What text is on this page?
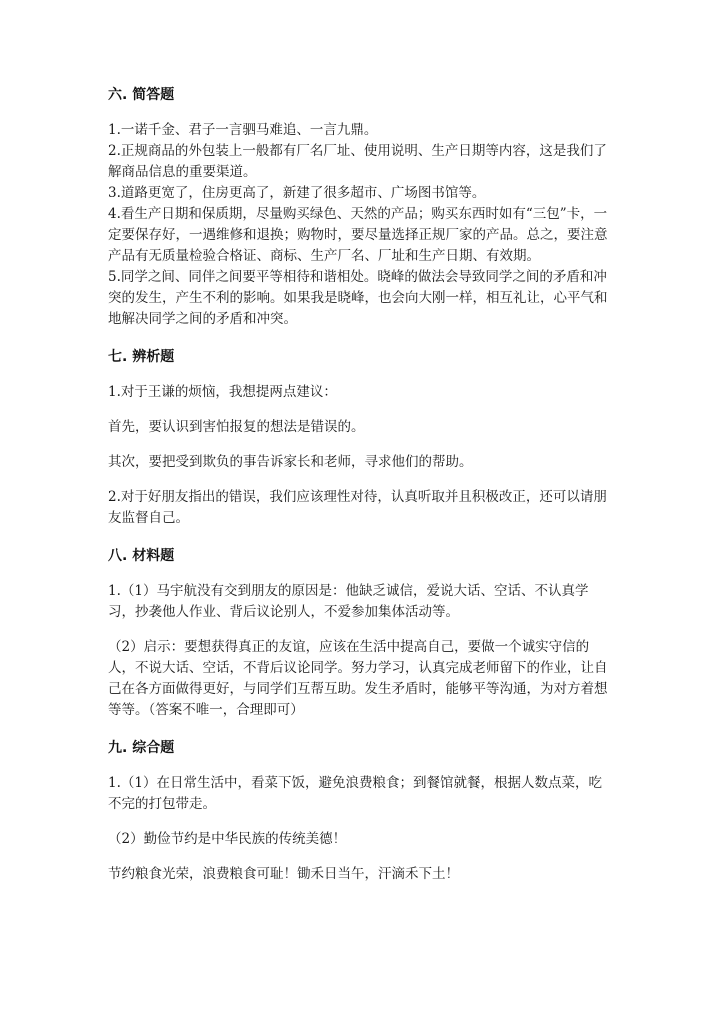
六. 简答题

1.一诺千金、君子一言驷马难追、一言九鼎。

2.正规商品的外包装上一般都有厂名厂址、使用说明、生产日期等内容，这是我们了解商品信息的重要渠道。

3.道路更宽了，住房更高了，新建了很多超市、广场图书馆等。

4.看生产日期和保质期，尽量购买绿色、天然的产品；购买东西时如有“三包”卡，一定要保存好，一遇维修和退换；购物时，要尽量选择正规厂家的产品。总之，要注意产品有无质量检验合格证、商标、生产厂名、厂址和生产日期、有效期。

5.同学之间、同伴之间要平等相待和谐相处。晓峰的做法会导致同学之间的矛盾和冲突的发生，产生不利的影响。如果我是晓峰，也会向大刚一样，相互礼让，心平气和地解决同学之间的矛盾和冲突。

七. 辨析题

1.对于王谦的烦恼，我想提两点建议：

首先，要认识到害怕报复的想法是错误的。

其次，要把受到欺负的事告诉家长和老师，寻求他们的帮助。

2.对于好朋友指出的错误，我们应该理性对待，认真听取并且积极改正，还可以请朋友监督自己。

八. 材料题

1.（1）马宇航没有交到朋友的原因是：他缺乏诚信，爱说大话、空话、不认真学习，抄袭他人作业、背后议论别人，不爱参加集体活动等。

（2）启示：要想获得真正的友谊，应该在生活中提高自己，要做一个诚实守信的人，不说大话、空话，不背后议论同学。努力学习，认真完成老师留下的作业，让自己在各方面做得更好，与同学们互帮互助。发生矛盾时，能够平等沟通，为对方着想等等。（答案不唯一，合理即可）

九. 综合题

1.（1）在日常生活中，看菜下饭，避免浪费粮食；到餐馆就餐，根据人数点菜，吃不完的打包带走。

（2）勤俭节约是中华民族的传统美德！

节约粮食光荣，浪费粮食可耻！锄禾日当午，汗滴禾下土！
